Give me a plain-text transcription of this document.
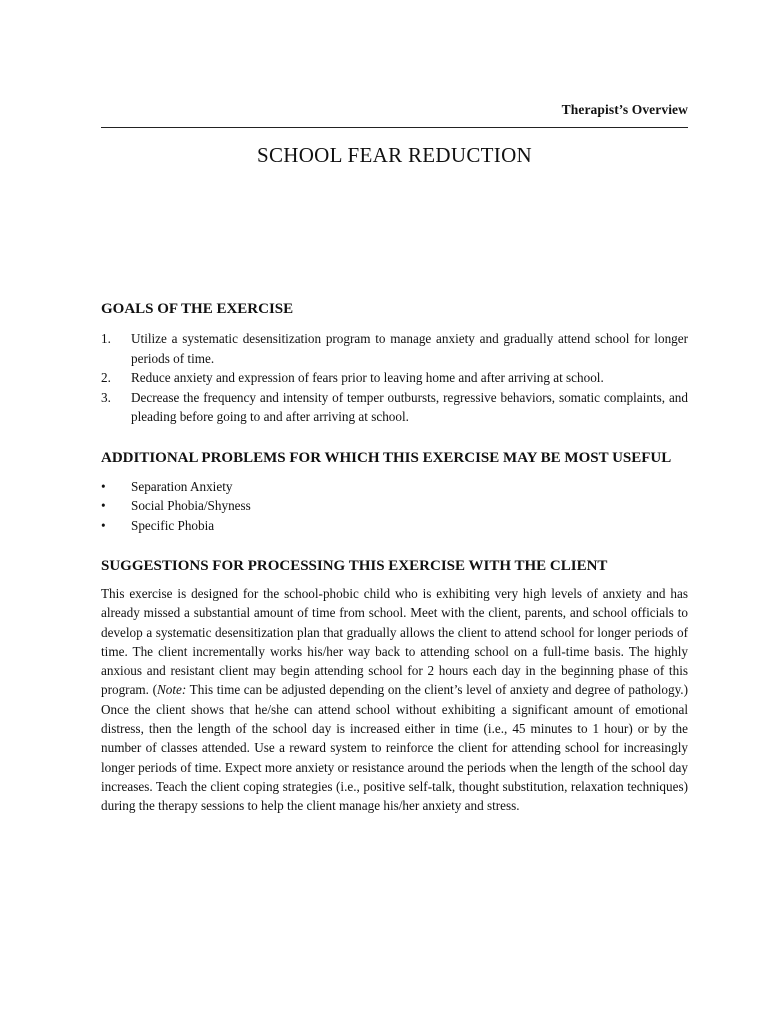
Therapist’s Overview
SCHOOL FEAR REDUCTION
GOALS OF THE EXERCISE
1. Utilize a systematic desensitization program to manage anxiety and gradually attend school for longer periods of time.
2. Reduce anxiety and expression of fears prior to leaving home and after arriving at school.
3. Decrease the frequency and intensity of temper outbursts, regressive behaviors, somatic complaints, and pleading before going to and after arriving at school.
ADDITIONAL PROBLEMS FOR WHICH THIS EXERCISE MAY BE MOST USEFUL
• Separation Anxiety
• Social Phobia/Shyness
• Specific Phobia
SUGGESTIONS FOR PROCESSING THIS EXERCISE WITH THE CLIENT

This exercise is designed for the school-phobic child who is exhibiting very high levels of anxiety and has already missed a substantial amount of time from school. Meet with the client, parents, and school officials to develop a systematic desensitization plan that gradually allows the client to attend school for longer periods of time. The client incrementally works his/her way back to attending school on a full-time basis. The highly anxious and resistant client may begin attending school for 2 hours each day in the beginning phase of this program. (Note: This time can be adjusted depending on the client’s level of anxiety and degree of pathology.) Once the client shows that he/she can attend school without exhibiting a significant amount of emotional distress, then the length of the school day is increased either in time (i.e., 45 minutes to 1 hour) or by the number of classes attended. Use a reward system to reinforce the client for attending school for increasingly longer periods of time. Expect more anxiety or resistance around the periods when the length of the school day increases. Teach the client coping strategies (i.e., positive self-talk, thought substitution, relaxation techniques) during the therapy sessions to help the client manage his/her anxiety and stress.
